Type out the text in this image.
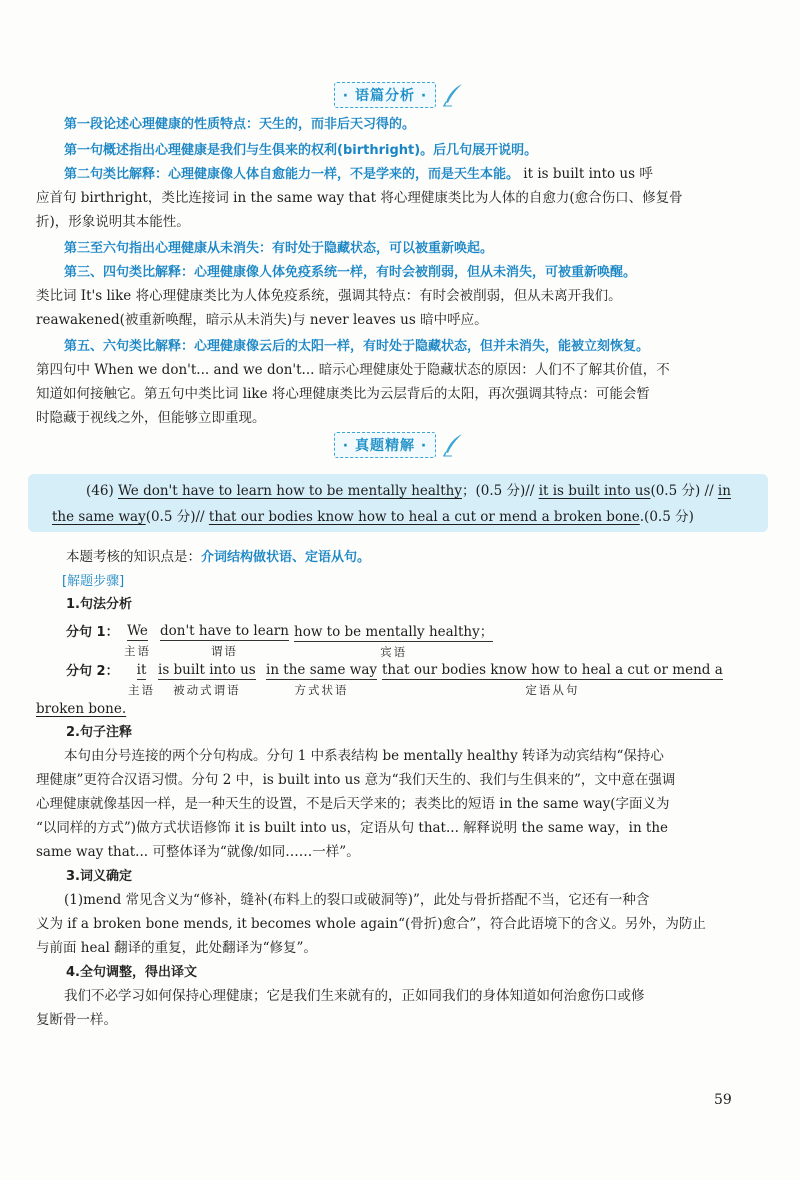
· 语篇分析 ·

第一段论述心理健康的性质特点：天生的，而非后天习得的。

第一句概述指出心理健康是我们与生俱来的权利(birthright)。后几句展开说明。

第二句类比解释：心理健康像人体自愈能力一样，不是学来的，而是天生本能。 it is built into us 呼

应首句 birthright，类比连接词 in the same way that 将心理健康类比为人体的自愈力(愈合伤口、修复骨

折)，形象说明其本能性。

第三至六句指出心理健康从未消失：有时处于隐藏状态，可以被重新唤起。

第三、四句类比解释：心理健康像人体免疫系统一样，有时会被削弱，但从未消失，可被重新唤醒。

类比词 It's like 将心理健康类比为人体免疫系统，强调其特点：有时会被削弱，但从未离开我们。

reawakened(被重新唤醒，暗示从未消失)与 never leaves us 暗中呼应。

第五、六句类比解释：心理健康像云后的太阳一样，有时处于隐藏状态，但并未消失，能被立刻恢复。

第四句中 When we don't... and we don't... 暗示心理健康处于隐藏状态的原因：人们不了解其价值，不

知道如何接触它。第五句中类比词 like 将心理健康类比为云层背后的太阳，再次强调其特点：可能会暂

时隐藏于视线之外，但能够立即重现。

· 真题精解 ·
(46) We don't have to learn how to be mentally healthy；(0.5 分)// it is built into us(0.5 分) // in
the same way(0.5 分)// that our bodies know how to heal a cut or mend a broken bone.(0.5 分)
本题考核的知识点是：介词结构做状语、定语从句。
[解题步骤]
1.句法分析
分句 1： We
主语
don't have to learn
谓语
how to be mentally healthy；
宾语
分句 2：	it
主语
is built into us
被动式谓语
in the same way
方式状语
that our bodies know how to heal a cut or mend a
定语从句
broken bone.
2.句子注释

本句由分号连接的两个分句构成。分句 1 中系表结构 be mentally healthy 转译为动宾结构“保持心

理健康”更符合汉语习惯。分句 2 中，is built into us 意为“我们天生的、我们与生俱来的”，文中意在强调

心理健康就像基因一样，是一种天生的设置，不是后天学来的；表类比的短语 in the same way(字面义为

“以同样的方式”)做方式状语修饰 it is built into us，定语从句 that... 解释说明 the same way，in the

same way that... 可整体译为“就像/如同……一样”。

3.词义确定

(1)mend 常见含义为“修补，缝补(布料上的裂口或破洞等)”，此处与骨折搭配不当，它还有一种含

义为 if a broken bone mends, it becomes whole again“(骨折)愈合”，符合此语境下的含义。另外，为防止

与前面 heal 翻译的重复，此处翻译为“修复”。

4.全句调整，得出译文

我们不必学习如何保持心理健康；它是我们生来就有的，正如同我们的身体知道如何治愈伤口或修

复断骨一样。

59
